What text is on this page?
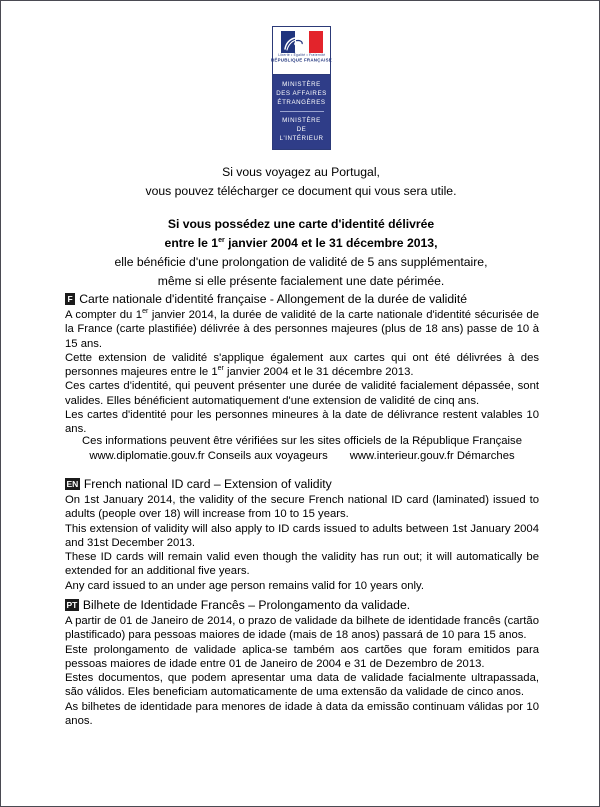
Liberté • Égalité • Fraternité
RÉPUBLIQUE FRANÇAISE
MINISTÈRE
DES AFFAIRES
ÉTRANGÈRES
MINISTÈRE
DE
L'INTÉRIEUR
Si vous voyagez au Portugal,
vous pouvez télécharger ce document qui vous sera utile.
Si vous possédez une carte d'identité délivrée
entre le 1er janvier 2004 et le 31 décembre 2013,
elle bénéficie d'une prolongation de validité de 5 ans supplémentaire,
même si elle présente facialement une date périmée.
F Carte nationale d'identité française - Allongement de la durée de validité

A compter du 1er janvier 2014, la durée de validité de la carte nationale d'identité sécurisée de la France (carte plastifiée) délivrée à des personnes majeures (plus de 18 ans) passe de 10 à 15 ans.

Cette extension de validité s'applique également aux cartes qui ont été délivrées à des personnes majeures entre le 1er janvier 2004 et le 31 décembre 2013.

Ces cartes d'identité, qui peuvent présenter une durée de validité facialement dépassée, sont valides. Elles bénéficient automatiquement d'une extension de validité de cinq ans.

Les cartes d'identité pour les personnes mineures à la date de délivrance restent valables 10 ans.

Ces informations peuvent être vérifiées sur les sites officiels de la République Française
www.diplomatie.gouv.fr Conseils aux voyageurs www.interieur.gouv.fr Démarches
EN French national ID card – Extension of validity

On 1st January 2014, the validity of the secure French national ID card (laminated) issued to adults (people over 18) will increase from 10 to 15 years.

This extension of validity will also apply to ID cards issued to adults between 1st January 2004 and 31st December 2013.

These ID cards will remain valid even though the validity has run out; it will automatically be extended for an additional five years.

Any card issued to an under age person remains valid for 10 years only.

PT Bilhete de Identidade Francês – Prolongamento da validade.

A partir de 01 de Janeiro de 2014, o prazo de validade da bilhete de identidade francês (cartão plastificado) para pessoas maiores de idade (mais de 18 anos) passará de 10 para 15 anos.

Este prolongamento de validade aplica-se também aos cartões que foram emitidos para pessoas maiores de idade entre 01 de Janeiro de 2004 e 31 de Dezembro de 2013.

Estes documentos, que podem apresentar uma data de validade facialmente ultrapassada, são válidos. Eles beneficiam automaticamente de uma extensão da validade de cinco anos.

As bilhetes de identidade para menores de idade à data da emissão continuam válidas por 10 anos.
